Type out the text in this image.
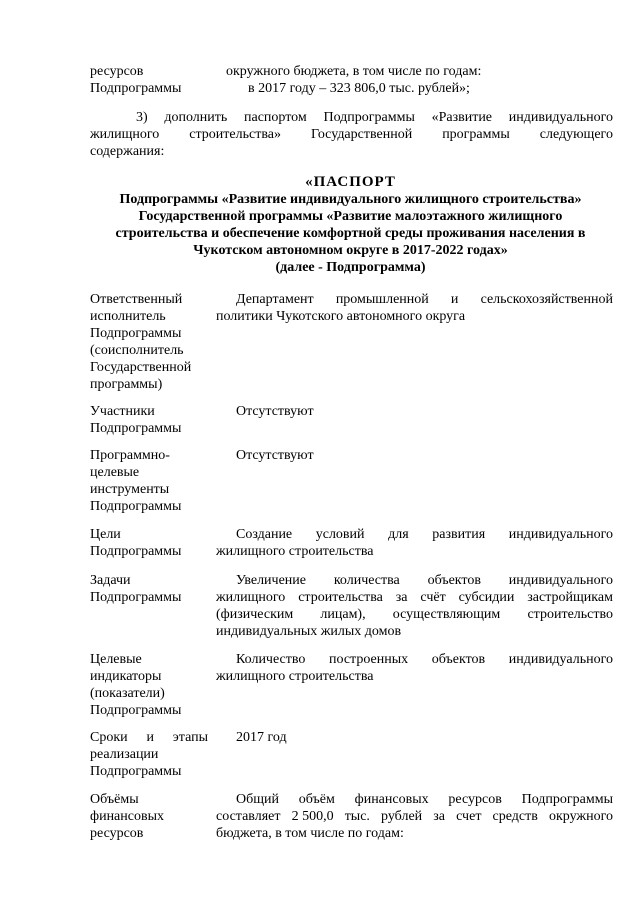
ресурсов	окружного бюджета, в том числе по годам:
Подпрограммы	в 2017 году – 323 806,0 тыс. рублей»;
3) дополнить паспортом Подпрограммы «Развитие индивидуального
жилищного строительства» Государственной программы следующего
содержания:
«ПАСПОРТ
Подпрограммы «Развитие индивидуального жилищного строительства»
Государственной программы «Развитие малоэтажного жилищного
строительства и обеспечение комфортной среды проживания населения в
Чукотском автономном округе в 2017-2022 годах»
(далее - Подпрограмма)
Ответственный
исполнитель
Подпрограммы
(соисполнитель
Государственной
программы)
Департамент промышленной и сельскохозяйственной
политики Чукотского автономного округа
Участники
Подпрограммы
Отсутствуют
Программно-
целевые
инструменты
Подпрограммы
Отсутствуют
Цели
Подпрограммы
Создание условий для развития индивидуального
жилищного строительства
Задачи
Подпрограммы
Увеличение количества объектов индивидуального
жилищного строительства за счёт субсидии застройщикам
(физическим лицам), осуществляющим строительство
индивидуальных жилых домов
Целевые
индикаторы
(показатели)
Подпрограммы
Количество построенных объектов индивидуального
жилищного строительства
Сроки и этапы
реализации
Подпрограммы
2017 год
Объёмы
финансовых
ресурсов
Общий объём финансовых ресурсов Подпрограммы
составляет 2 500,0 тыс. рублей за счет средств окружного
бюджета, в том числе по годам:
